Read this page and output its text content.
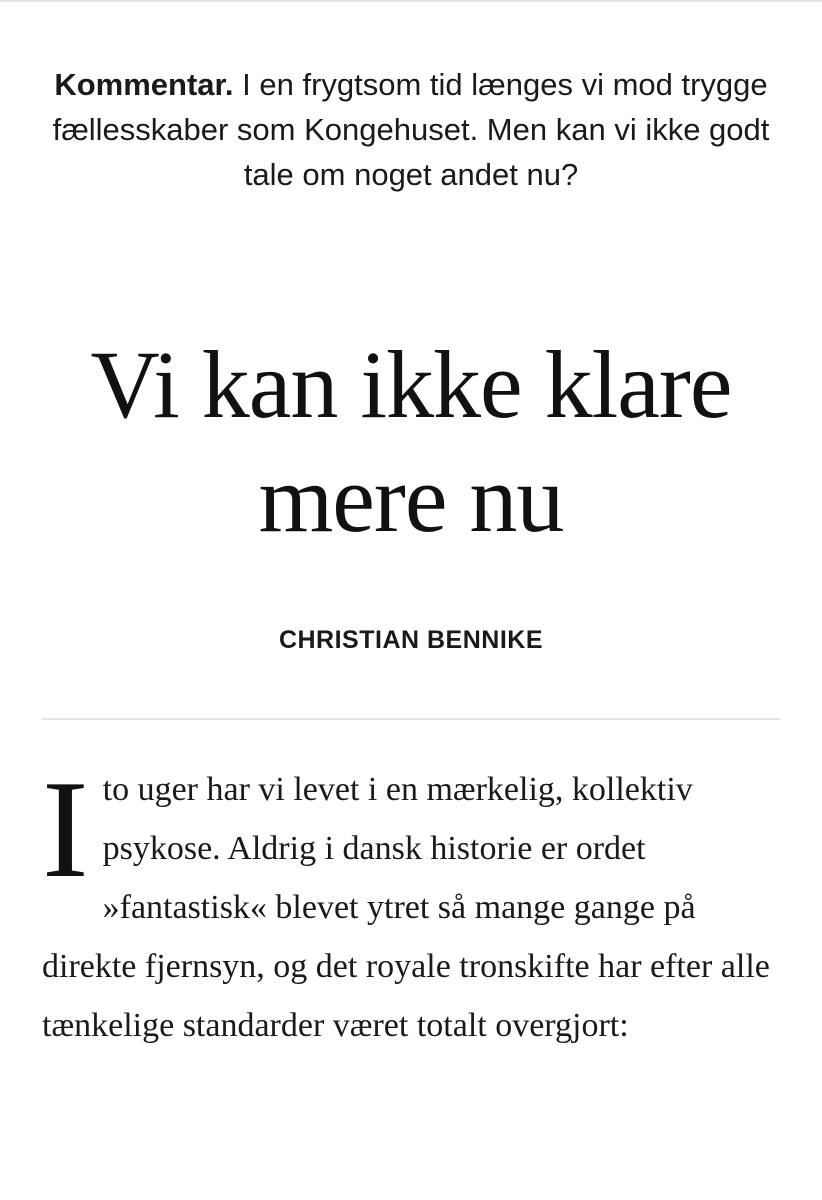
Kommentar. I en frygtsom tid længes vi mod trygge fællesskaber som Kongehuset. Men kan vi ikke godt tale om noget andet nu?

Vi kan ikke klare mere nu
CHRISTIAN BENNIKE
I to uger har vi levet i en mærkelig, kollektiv psykose. Aldrig i dansk historie er ordet »fantastisk« blevet ytret så mange gange på direkte fjernsyn, og det royale tronskifte har efter alle tænkelige standarder været totalt overgjort:
